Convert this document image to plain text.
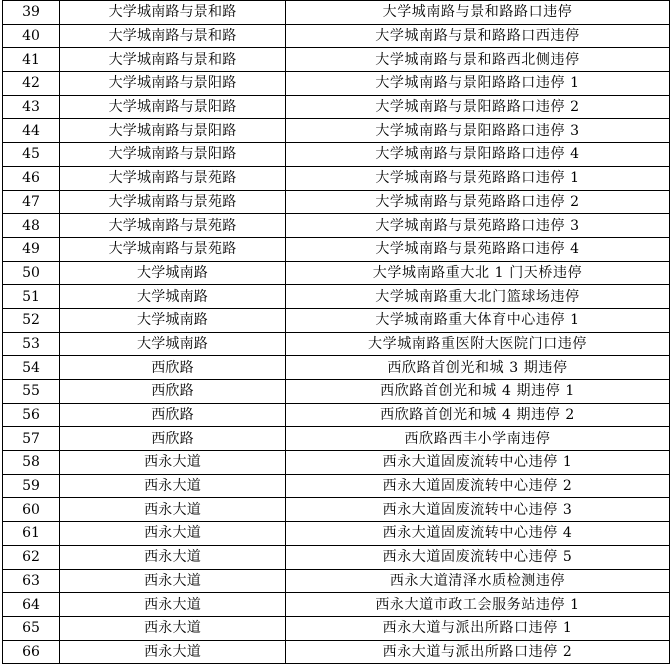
39	大学城南路与景和路	大学城南路与景和路路口违停
40	大学城南路与景和路	大学城南路与景和路路口西违停
41	大学城南路与景和路	大学城南路与景和路西北侧违停
42	大学城南路与景阳路	大学城南路与景阳路路口违停 1
43	大学城南路与景阳路	大学城南路与景阳路路口违停 2
44	大学城南路与景阳路	大学城南路与景阳路路口违停 3
45	大学城南路与景阳路	大学城南路与景阳路路口违停 4
46	大学城南路与景苑路	大学城南路与景苑路路口违停 1
47	大学城南路与景苑路	大学城南路与景苑路路口违停 2
48	大学城南路与景苑路	大学城南路与景苑路路口违停 3
49	大学城南路与景苑路	大学城南路与景苑路路口违停 4
50	大学城南路	大学城南路重大北 1 门天桥违停
51	大学城南路	大学城南路重大北门篮球场违停
52	大学城南路	大学城南路重大体育中心违停 1
53	大学城南路	大学城南路重医附大医院门口违停
54	西欣路	西欣路首创光和城 3 期违停
55	西欣路	西欣路首创光和城 4 期违停 1
56	西欣路	西欣路首创光和城 4 期违停 2
57	西欣路	西欣路西丰小学南违停
58	西永大道	西永大道固废流转中心违停 1
59	西永大道	西永大道固废流转中心违停 2
60	西永大道	西永大道固废流转中心违停 3
61	西永大道	西永大道固废流转中心违停 4
62	西永大道	西永大道固废流转中心违停 5
63	西永大道	西永大道清泽水质检测违停
64	西永大道	西永大道市政工会服务站违停 1
65	西永大道	西永大道与派出所路口违停 1
66	西永大道	西永大道与派出所路口违停 2
